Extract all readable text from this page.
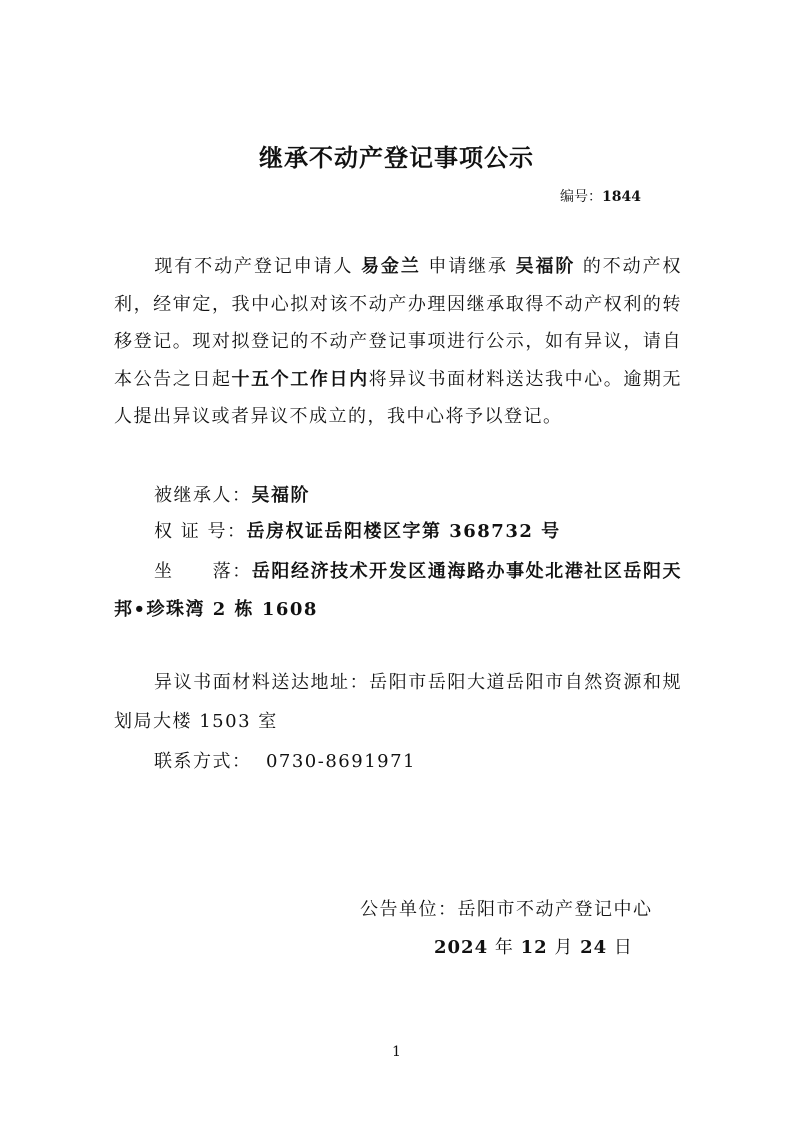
继承不动产登记事项公示
编号：1844
现有不动产登记申请人 易金兰 申请继承 吴福阶 的不动产权利，经审定，我中心拟对该不动产办理因继承取得不动产权利的转移登记。现对拟登记的不动产登记事项进行公示，如有异议，请自本公告之日起十五个工作日内将异议书面材料送达我中心。逾期无人提出异议或者异议不成立的，我中心将予以登记。
被继承人：吴福阶
权 证 号：岳房权证岳阳楼区字第 368732 号
坐　　落：岳阳经济技术开发区通海路办事处北港社区岳阳天邦•珍珠湾 2 栋 1608
异议书面材料送达地址：岳阳市岳阳大道岳阳市自然资源和规划局大楼 1503 室
联系方式： 0730-8691971
公告单位：岳阳市不动产登记中心
2024 年 12 月 24 日
1
